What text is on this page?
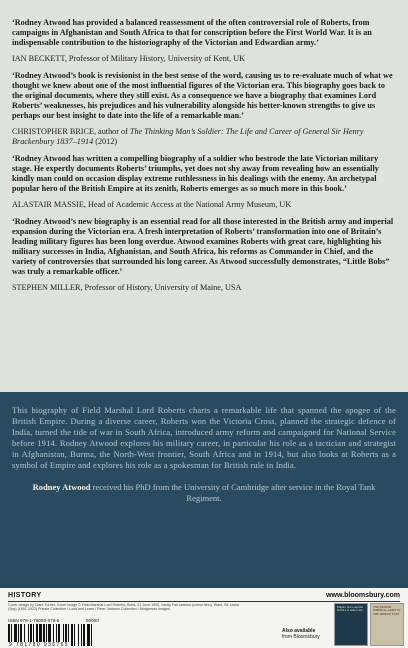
‘Rodney Atwood has provided a balanced reassessment of the often controversial role of Roberts, from campaigns in Afghanistan and South Africa to that for conscription before the First World War. It is an indispensable contribution to the historiography of the Victorian and Edwardian army.’

IAN BECKETT, Professor of Military History, University of Kent, UK

‘Rodney Atwood’s book is revisionist in the best sense of the word, causing us to re-evaluate much of what we thought we knew about one of the most influential figures of the Victorian era. This biography goes back to the original documents, where they still exist. As a consequence we have a biography that examines Lord Roberts’ weaknesses, his prejudices and his vulnerability alongside his better-known strengths to give us perhaps our best insight to date into the life of a remarkable man.’

CHRISTOPHER BRICE, author of The Thinking Man’s Soldier: The Life and Career of General Sir Henry Brackenbury 1837–1914 (2012)

‘Rodney Atwood has written a compelling biography of a soldier who bestrode the late Victorian military stage. He expertly documents Roberts’ triumphs, yet does not shy away from revealing how an essentially kindly man could on occasion display extreme ruthlessness in his dealings with the enemy. An archetypal popular hero of the British Empire at its zenith, Roberts emerges as so much more in this book.’

ALASTAIR MASSIE, Head of Academic Access at the National Army Museum, UK

‘Rodney Atwood’s new biography is an essential read for all those interested in the British army and imperial expansion during the Victorian era. A fresh interpretation of Roberts’ transformation into one of Britain’s leading military figures has been long overdue. Atwood examines Roberts with great care, highlighting his military successes in India, Afghanistan, and South Africa, his reforms as Commander in Chief, and the variety of controversies that surrounded his long career. As Atwood successfully demonstrates, “Little Bobs” was truly a remarkable officer.’

STEPHEN MILLER, Professor of History, University of Maine, USA

This biography of Field Marshal Lord Roberts charts a remarkable life that spanned the apogee of the British Empire. During a diverse career, Roberts won the Victoria Cross, planned the strategic defence of India, turned the tide of war in South Africa, introduced army reform and campaigned for National Service before 1914. Rodney Atwood explores his military career, in particular his role as a tactician and strategist in Afghanistan, Burma, the North-West frontier, South Africa and in 1914, but also looks at Roberts as a symbol of Empire and explores his role as a spokesman for British rule in India.

Rodney Atwood received his PhD from the University of Cambridge after service in the Royal Tank Regiment.

HISTORY	www.bloomsbury.com

Cover design by Clare Turner. Cover image © Field Marshal Lord Roberts, Bobs, 21 June 1900, Vanity Fair cartoon (colour litho), Ward, Sir Leslie (Spy) (1851-1922) Private Collection / Look and Learn / Peter Jackson Collection / Bridgeman Images

ISBN 978-1-78093-676-5	90000
9 781780 936765

Also available
from Bloomsbury

Empire, Race and the Politics of Anti-Caste
THE BRITISH IMPERIAL ARMY IN THE MIDDLE EAST
